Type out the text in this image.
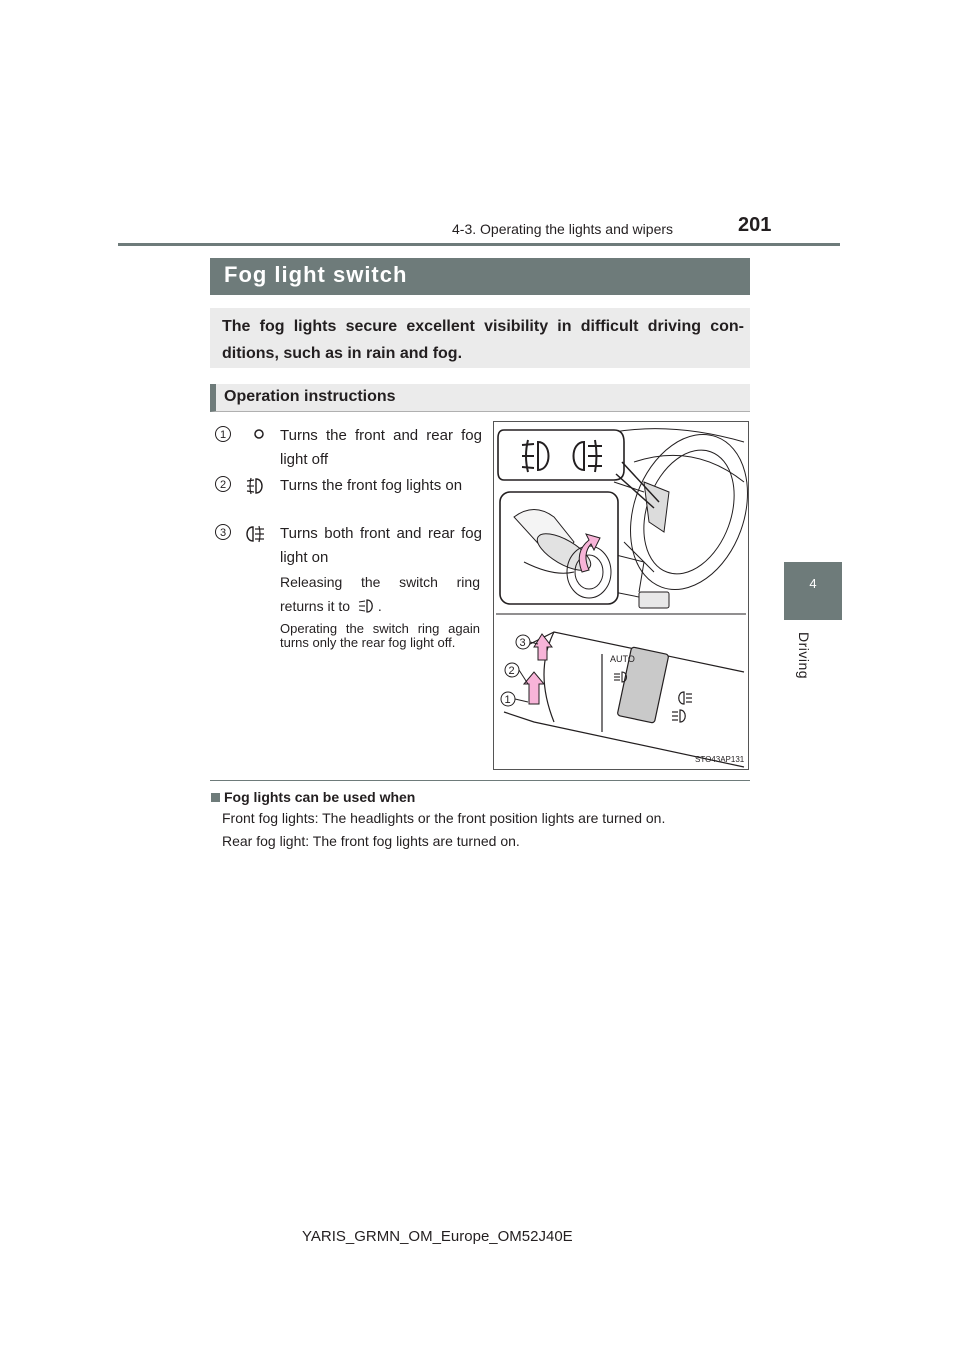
201
4-3. Operating the lights and wipers
4
Driving
Fog light switch
The fog lights secure excellent visibility in difficult driving con-ditions, such as in rain and fog.
Operation instructions
1	Turns the front and rear fog light off
2	Turns the front fog lights on
3	Turns both front and rear fog light on
Releasing the switch ring returns it to .
Operating the switch ring again turns only the rear fog light off.
AUTO
3
2
1
STO43AP131
Fog lights can be used when
Front fog lights: The headlights or the front position lights are turned on.
Rear fog light: The front fog lights are turned on.
YARIS_GRMN_OM_Europe_OM52J40E
